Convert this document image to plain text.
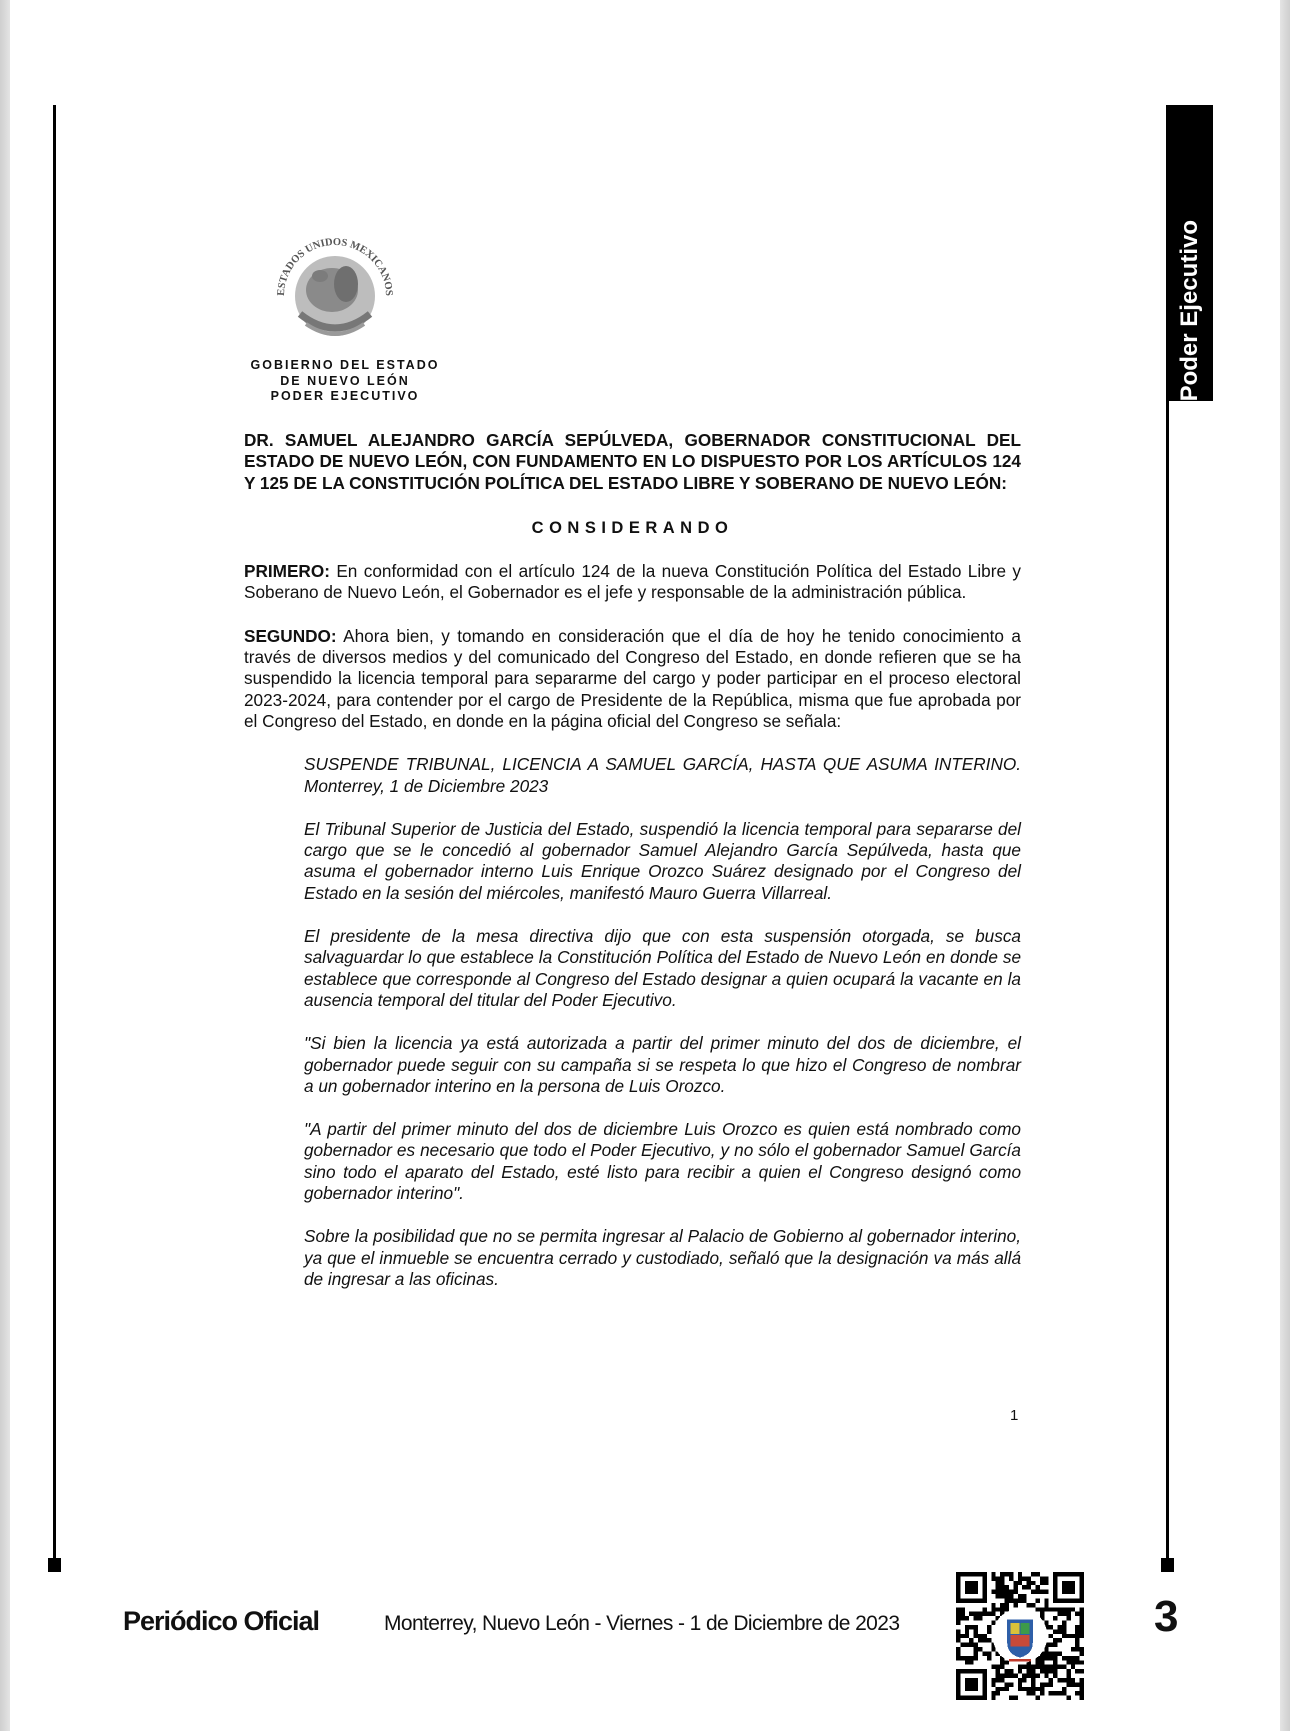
Poder Ejecutivo
ESTADOS UNIDOS MEXICANOS
GOBIERNO DEL ESTADO
DE NUEVO LEÓN
PODER EJECUTIVO

DR. SAMUEL ALEJANDRO GARCÍA SEPÚLVEDA, GOBERNADOR CONSTITUCIONAL DEL ESTADO DE NUEVO LEÓN, CON FUNDAMENTO EN LO DISPUESTO POR LOS ARTÍCULOS 124 Y 125 DE LA CONSTITUCIÓN POLÍTICA DEL ESTADO LIBRE Y SOBERANO DE NUEVO LEÓN:

CONSIDERANDO

PRIMERO: En conformidad con el artículo 124 de la nueva Constitución Política del Estado Libre y Soberano de Nuevo León, el Gobernador es el jefe y responsable de la administración pública.

SEGUNDO: Ahora bien, y tomando en consideración que el día de hoy he tenido conocimiento a través de diversos medios y del comunicado del Congreso del Estado, en donde refieren que se ha suspendido la licencia temporal para separarme del cargo y poder participar en el proceso electoral 2023-2024, para contender por el cargo de Presidente de la República, misma que fue aprobada por el Congreso del Estado, en donde en la página oficial del Congreso se señala:

SUSPENDE TRIBUNAL, LICENCIA A SAMUEL GARCÍA, HASTA QUE ASUMA INTERINO. Monterrey, 1 de Diciembre 2023

El Tribunal Superior de Justicia del Estado, suspendió la licencia temporal para separarse del cargo que se le concedió al gobernador Samuel Alejandro García Sepúlveda, hasta que asuma el gobernador interno Luis Enrique Orozco Suárez designado por el Congreso del Estado en la sesión del miércoles, manifestó Mauro Guerra Villarreal.

El presidente de la mesa directiva dijo que con esta suspensión otorgada, se busca salvaguardar lo que establece la Constitución Política del Estado de Nuevo León en donde se establece que corresponde al Congreso del Estado designar a quien ocupará la vacante en la ausencia temporal del titular del Poder Ejecutivo.

"Si bien la licencia ya está autorizada a partir del primer minuto del dos de diciembre, el gobernador puede seguir con su campaña si se respeta lo que hizo el Congreso de nombrar a un gobernador interino en la persona de Luis Orozco.

"A partir del primer minuto del dos de diciembre Luis Orozco es quien está nombrado como gobernador es necesario que todo el Poder Ejecutivo, y no sólo el gobernador Samuel García sino todo el aparato del Estado, esté listo para recibir a quien el Congreso designó como gobernador interino".

Sobre la posibilidad que no se permita ingresar al Palacio de Gobierno al gobernador interino, ya que el inmueble se encuentra cerrado y custodiado, señaló que la designación va más allá de ingresar a las oficinas.

1
Periódico Oficial	Monterrey, Nuevo León - Viernes - 1 de Diciembre de 2023	3
